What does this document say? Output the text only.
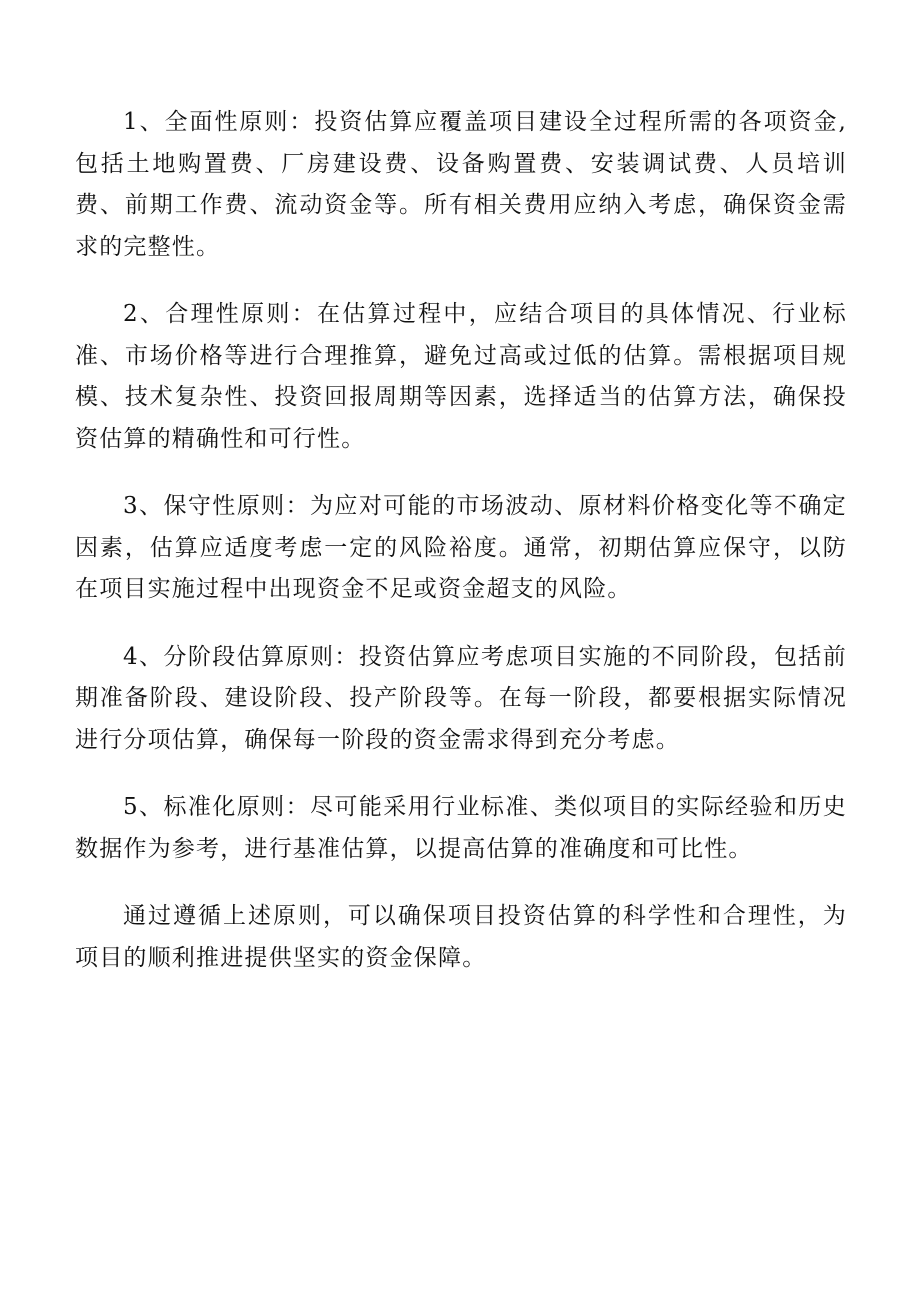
1、全面性原则：投资估算应覆盖项目建设全过程所需的各项资金,包括土地购置费、厂房建设费、设备购置费、安装调试费、人员培训费、前期工作费、流动资金等。所有相关费用应纳入考虑，确保资金需求的完整性。

2、合理性原则：在估算过程中，应结合项目的具体情况、行业标准、市场价格等进行合理推算，避免过高或过低的估算。需根据项目规模、技术复杂性、投资回报周期等因素，选择适当的估算方法，确保投资估算的精确性和可行性。

3、保守性原则：为应对可能的市场波动、原材料价格变化等不确定因素，估算应适度考虑一定的风险裕度。通常，初期估算应保守，以防在项目实施过程中出现资金不足或资金超支的风险。

4、分阶段估算原则：投资估算应考虑项目实施的不同阶段，包括前期准备阶段、建设阶段、投产阶段等。在每一阶段，都要根据实际情况进行分项估算，确保每一阶段的资金需求得到充分考虑。

5、标准化原则：尽可能采用行业标准、类似项目的实际经验和历史数据作为参考，进行基准估算，以提高估算的准确度和可比性。

通过遵循上述原则，可以确保项目投资估算的科学性和合理性，为项目的顺利推进提供坚实的资金保障。
